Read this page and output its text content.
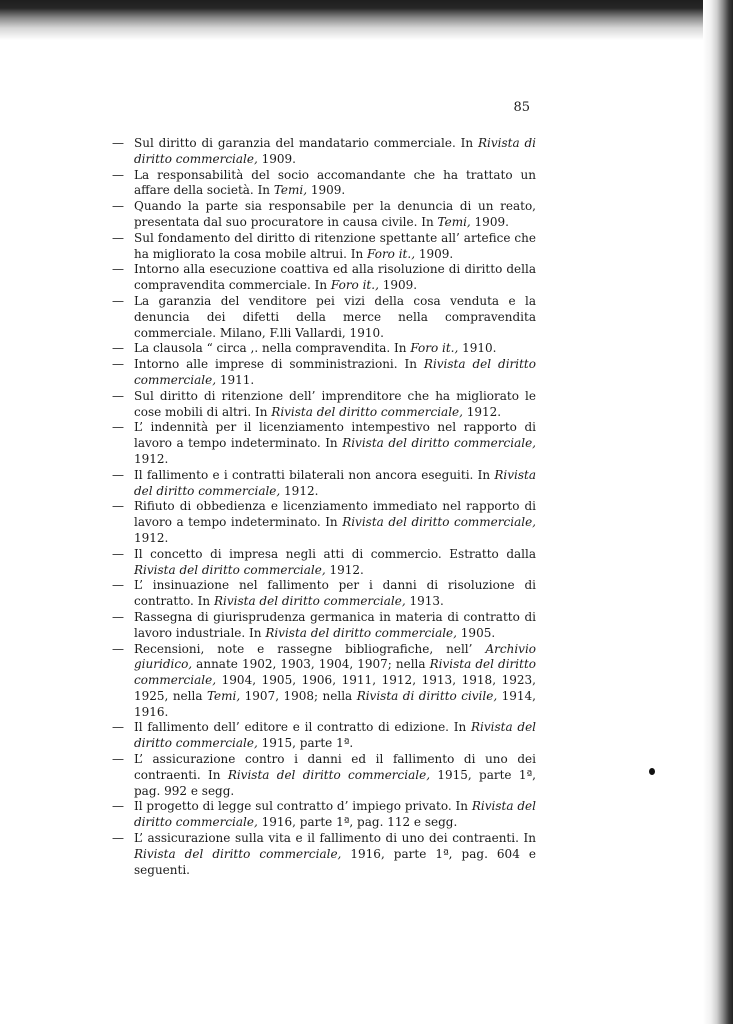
85
— Sul diritto di garanzia del mandatario commerciale. In Rivista di diritto commerciale, 1909.
— La responsabilità del socio accomandante che ha trattato un affare della società. In Temi, 1909.
— Quando la parte sia responsabile per la denuncia di un reato, presentata dal suo procuratore in causa civile. In Temi, 1909.
— Sul fondamento del diritto di ritenzione spettante all’ artefice che ha migliorato la cosa mobile altrui. In Foro it., 1909.
— Intorno alla esecuzione coattiva ed alla risoluzione di diritto della compravendita commerciale. In Foro it., 1909.
— La garanzia del venditore pei vizi della cosa venduta e la denuncia dei difetti della merce nella compravendita commerciale. Milano, F.lli Vallardi, 1910.
— La clausola “ circa ,. nella compravendita. In Foro it., 1910.
— Intorno alle imprese di somministrazioni. In Rivista del diritto commerciale, 1911.
— Sul diritto di ritenzione dell’ imprenditore che ha migliorato le cose mobili di altri. In Rivista del diritto commerciale, 1912.
— L’ indennità per il licenziamento intempestivo nel rapporto di lavoro a tempo indeterminato. In Rivista del diritto commerciale, 1912.
— Il fallimento e i contratti bilaterali non ancora eseguiti. In Rivista del diritto commerciale, 1912.
— Rifiuto di obbedienza e licenziamento immediato nel rapporto di lavoro a tempo indeterminato. In Rivista del diritto commerciale, 1912.
— Il concetto di impresa negli atti di commercio. Estratto dalla Rivista del diritto commerciale, 1912.
— L’ insinuazione nel fallimento per i danni di risoluzione di contratto. In Rivista del diritto commerciale, 1913.
— Rassegna di giurisprudenza germanica in materia di contratto di lavoro industriale. In Rivista del diritto commerciale, 1905.
— Recensioni, note e rassegne bibliografiche, nell’ Archivio giuridico, annate 1902, 1903, 1904, 1907; nella Rivista del diritto commerciale, 1904, 1905, 1906, 1911, 1912, 1913, 1918, 1923, 1925, nella Temi, 1907, 1908; nella Rivista di diritto civile, 1914, 1916.
— Il fallimento dell’ editore e il contratto di edizione. In Rivista del diritto commerciale, 1915, parte 1ª.
— L’ assicurazione contro i danni ed il fallimento di uno dei contraenti. In Rivista del diritto commerciale, 1915, parte 1ª, pag. 992 e segg.
— Il progetto di legge sul contratto d’ impiego privato. In Rivista del diritto commerciale, 1916, parte 1ª, pag. 112 e segg.
— L’ assicurazione sulla vita e il fallimento di uno dei contraenti. In Rivista del diritto commerciale, 1916, parte 1ª, pag. 604 e seguenti.
